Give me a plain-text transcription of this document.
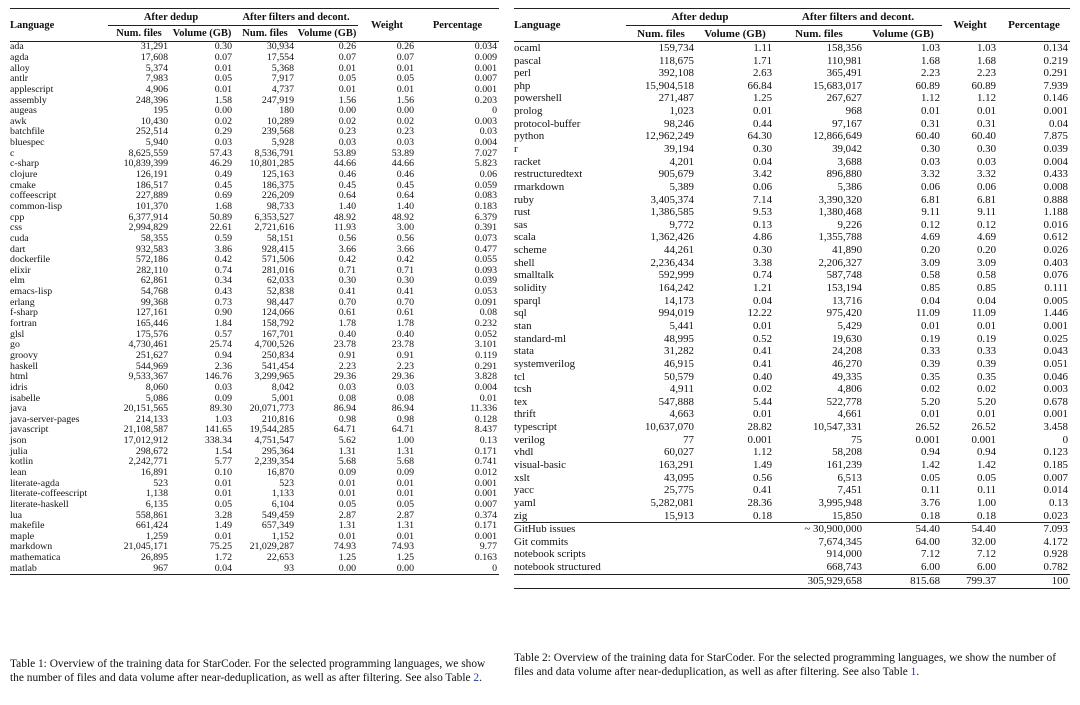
Language	After dedup		After filters and decont.		Weight	Percentage
	Num. files	Volume (GB)	Num. files	Volume (GB)		
ada	31,291	0.30	30,934	0.26	0.26	0.034
agda	17,608	0.07	17,554	0.07	0.07	0.009
alloy	5,374	0.01	5,368	0.01	0.01	0.001
antlr	7,983	0.05	7,917	0.05	0.05	0.007
applescript	4,906	0.01	4,737	0.01	0.01	0.001
assembly	248,396	1.58	247,919	1.56	1.56	0.203
augeas	195	0.00	180	0.00	0.00	0
awk	10,430	0.02	10,289	0.02	0.02	0.003
batchfile	252,514	0.29	239,568	0.23	0.23	0.03
bluespec	5,940	0.03	5,928	0.03	0.03	0.004
c	8,625,559	57.43	8,536,791	53.89	53.89	7.027
c-sharp	10,839,399	46.29	10,801,285	44.66	44.66	5.823
clojure	126,191	0.49	125,163	0.46	0.46	0.06
cmake	186,517	0.45	186,375	0.45	0.45	0.059
coffeescript	227,889	0.69	226,209	0.64	0.64	0.083
common-lisp	101,370	1.68	98,733	1.40	1.40	0.183
cpp	6,377,914	50.89	6,353,527	48.92	48.92	6.379
css	2,994,829	22.61	2,721,616	11.93	3.00	0.391
cuda	58,355	0.59	58,151	0.56	0.56	0.073
dart	932,583	3.86	928,415	3.66	3.66	0.477
dockerfile	572,186	0.42	571,506	0.42	0.42	0.055
elixir	282,110	0.74	281,016	0.71	0.71	0.093
elm	62,861	0.34	62,033	0.30	0.30	0.039
emacs-lisp	54,768	0.43	52,838	0.41	0.41	0.053
erlang	99,368	0.73	98,447	0.70	0.70	0.091
f-sharp	127,161	0.90	124,066	0.61	0.61	0.08
fortran	165,446	1.84	158,792	1.78	1.78	0.232
glsl	175,576	0.57	167,701	0.40	0.40	0.052
go	4,730,461	25.74	4,700,526	23.78	23.78	3.101
groovy	251,627	0.94	250,834	0.91	0.91	0.119
haskell	544,969	2.36	541,454	2.23	2.23	0.291
html	9,533,367	146.76	3,299,965	29.36	29.36	3.828
idris	8,060	0.03	8,042	0.03	0.03	0.004
isabelle	5,086	0.09	5,001	0.08	0.08	0.01
java	20,151,565	89.30	20,071,773	86.94	86.94	11.336
java-server-pages	214,133	1.03	210,816	0.98	0.98	0.128
javascript	21,108,587	141.65	19,544,285	64.71	64.71	8.437
json	17,012,912	338.34	4,751,547	5.62	1.00	0.13
julia	298,672	1.54	295,364	1.31	1.31	0.171
kotlin	2,242,771	5.77	2,239,354	5.68	5.68	0.741
lean	16,891	0.10	16,870	0.09	0.09	0.012
literate-agda	523	0.01	523	0.01	0.01	0.001
literate-coffeescript	1,138	0.01	1,133	0.01	0.01	0.001
literate-haskell	6,135	0.05	6,104	0.05	0.05	0.007
lua	558,861	3.28	549,459	2.87	2.87	0.374
makefile	661,424	1.49	657,349	1.31	1.31	0.171
maple	1,259	0.01	1,152	0.01	0.01	0.001
markdown	21,045,171	75.25	21,029,287	74.93	74.93	9.77
mathematica	26,895	1.72	22,653	1.25	1.25	0.163
matlab	967	0.04	93	0.00	0.00	0
Language	After dedup		After filters and decont.		Weight	Percentage
	Num. files	Volume (GB)	Num. files	Volume (GB)		
ocaml	159,734	1.11	158,356	1.03	1.03	0.134
pascal	118,675	1.71	110,981	1.68	1.68	0.219
perl	392,108	2.63	365,491	2.23	2.23	0.291
php	15,904,518	66.84	15,683,017	60.89	60.89	7.939
powershell	271,487	1.25	267,627	1.12	1.12	0.146
prolog	1,023	0.01	968	0.01	0.01	0.001
protocol-buffer	98,246	0.44	97,167	0.31	0.31	0.04
python	12,962,249	64.30	12,866,649	60.40	60.40	7.875
r	39,194	0.30	39,042	0.30	0.30	0.039
racket	4,201	0.04	3,688	0.03	0.03	0.004
restructuredtext	905,679	3.42	896,880	3.32	3.32	0.433
rmarkdown	5,389	0.06	5,386	0.06	0.06	0.008
ruby	3,405,374	7.14	3,390,320	6.81	6.81	0.888
rust	1,386,585	9.53	1,380,468	9.11	9.11	1.188
sas	9,772	0.13	9,226	0.12	0.12	0.016
scala	1,362,426	4.86	1,355,788	4.69	4.69	0.612
scheme	44,261	0.30	41,890	0.20	0.20	0.026
shell	2,236,434	3.38	2,206,327	3.09	3.09	0.403
smalltalk	592,999	0.74	587,748	0.58	0.58	0.076
solidity	164,242	1.21	153,194	0.85	0.85	0.111
sparql	14,173	0.04	13,716	0.04	0.04	0.005
sql	994,019	12.22	975,420	11.09	11.09	1.446
stan	5,441	0.01	5,429	0.01	0.01	0.001
standard-ml	48,995	0.52	19,630	0.19	0.19	0.025
stata	31,282	0.41	24,208	0.33	0.33	0.043
systemverilog	46,915	0.41	46,270	0.39	0.39	0.051
tcl	50,579	0.40	49,335	0.35	0.35	0.046
tcsh	4,911	0.02	4,806	0.02	0.02	0.003
tex	547,888	5.44	522,778	5.20	5.20	0.678
thrift	4,663	0.01	4,661	0.01	0.01	0.001
typescript	10,637,070	28.82	10,547,331	26.52	26.52	3.458
verilog	77	0.001	75	0.001	0.001	0
vhdl	60,027	1.12	58,208	0.94	0.94	0.123
visual-basic	163,291	1.49	161,239	1.42	1.42	0.185
xslt	43,095	0.56	6,513	0.05	0.05	0.007
yacc	25,775	0.41	7,451	0.11	0.11	0.014
yaml	5,282,081	28.36	3,995,948	3.76	1.00	0.13
zig	15,913	0.18	15,850	0.18	0.18	0.023
GitHub issues			~ 30,900,000	54.40	54.40	7.093
Git commits			7,674,345	64.00	32.00	4.172
notebook scripts			914,000	7.12	7.12	0.928
notebook structured			668,743	6.00	6.00	0.782
			305,929,658	815.68	799.37	100
Table 1: Overview of the training data for StarCoder. For the selected programming languages, we show the number of files and data volume after near-deduplication, as well as after filtering. See also Table 2.
Table 2: Overview of the training data for StarCoder. For the selected programming languages, we show the number of files and data volume after near-deduplication, as well as after filtering. See also Table 1.
